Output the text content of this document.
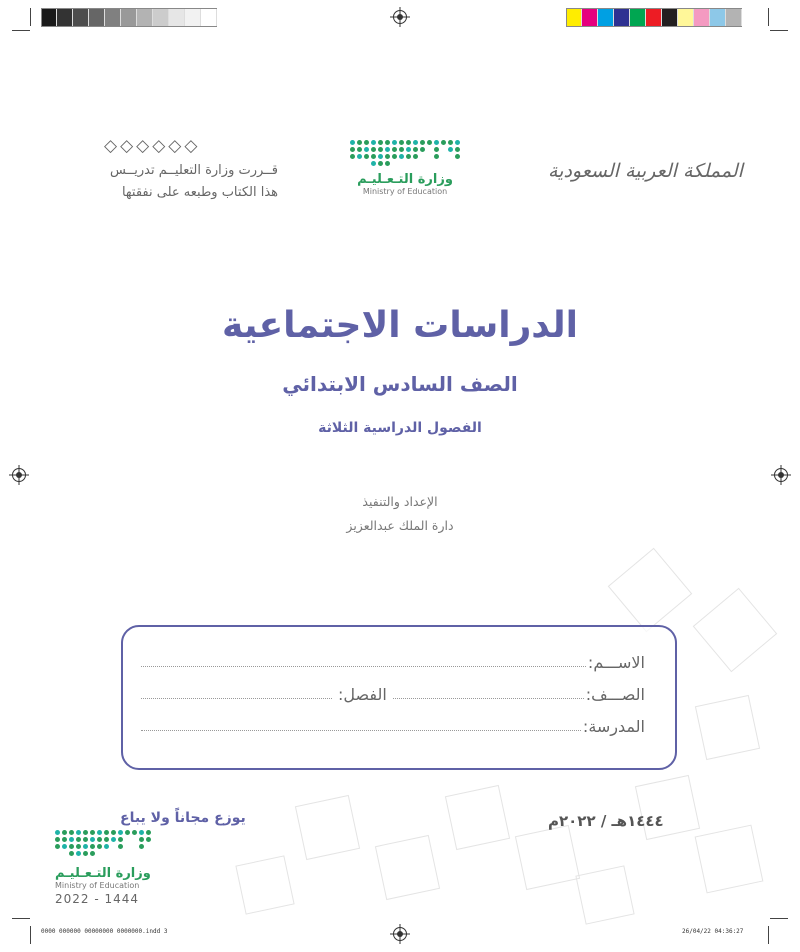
◇◇◇◇◇◇
قــررت وزارة التعليــم تدريــس
هذا الكتاب وطبعه على نفقتها
وزارة التـعـليـم
Ministry of Education
المملكة العربية السعودية
الدراسات الاجتماعية
الصف السادس الابتدائي
الفصول الدراسية الثلاثة
الإعداد والتنفيذ
دارة الملك عبدالعزيز
الاســـم:
الصـــف:
الفصل:
المدرسة:
يوزع مجاناً ولا يباع	١٤٤٤هـ / ٢٠٢٢م
وزارة التـعـليـم
Ministry of Education
2022 - 1444
0000 000000 00000000 0000000.indd 3	26/04/22 04:36:27
